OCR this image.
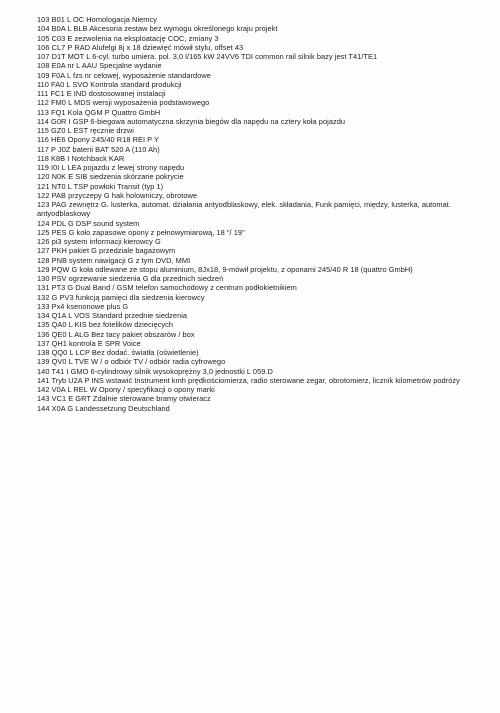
103 B01 L OC Homologacja Niemcy
104 B0A L BLB Akcesoria zestaw bez wymogu określonego kraju projekt
105 C03 E zezwolenia na eksploatację COC, zmiany 3
106 CL7 P RAD Alufelgi 8j x 18 dziewięć mówił stylu, offset 43
107 D1T MOT L 6-cyl. turbo umiera. pol. 3,0 l/165 kW 24VV6 TDI common rail silnik bazy jest T41/TE1
108 E0A nr L AAU Specjalne wydanie
109 F0A L fzs nr celowej, wyposażenie standardowe
110 FA0 L SVO Kontrola standard produkcji
111 FC1 E IND dostosowanej instalacji
112 FM0 L MDS wersji wyposażenia podstawowego
113 FQ1 Kola QGM P Quattro GmbH
114 G0R I GSP 6-biegowa automatyczna skrzynia biegów dla napędu na cztery koła pojazdu
115 GZ0 L EST ręcznie drzwi
116 HE6 Opony 245/40 R18 REI P Y
117 P J0Z baterii BAT 520 A (110 Ah)
118 K8B I Notchback KAR
119 I0I L LEA pojazdu z lewej strony napędu
120 N0K E SIB siedzenia skórzane pokrycie
121 NT0 L TSP powłoki Transit (typ 1)
122 PAB przyczepy G hak holowniczy, obrotowe
123 PAG zewnętrz G. lusterka, automat. działania antyodblaskowy, elek. składania, Funk pamięci, między, lusterka, automat. antyodblaskowy
124 PDL G DSP sound system
125 PES G koło zapasowe opony z pełnowymiarową, 18 "/ 19"
126 pi3 system informacji kierowcy G
127 PKH pakiet G przedziale bagażowym
128 PNB system nawigacji G z tym DVD, MMI
129 PQW G koła odlewane ze stopu aluminium, 8Jx18, 9-mówił projektu, z oponami 245/40 R 18 (quattro GmbH)
130 PSV ogrzewanie siedzenia G dla przednich siedzeń
131 PT3 G Dual Band / GSM telefon samochodowy z centrum podłokietnikiem
132 G PV3 funkcją pamięci dla siedzenia kierowcy
133 Px4 ksenonowe plus G
134 Q1A L VOS Standard przednie siedzenia
135 QA0 L KIS bez fotelików dziecięcych
136 QE0 L ALG Bez tacy pakiet obszarów / box
137 QH1 kontrola E SPR Voice
138 QQ0 L LCP Bez dodać. światła (oświetlenie)
139 QV0 L TVE W / o odbiór TV / odbiór radia cyfrowego
140 T41 I GMO 6-cylindrowy silnik wysokoprężny 3,0 jednostki L 059.D
141 Tryb U2A P INS wstawić Instrument kmh prędkościomierza, radio sterowane zegar, obrotomierz, licznik kilometrów podróży
142 V0A L REL W Opony / specyfikacji o opony marki
143 VC1 E GRT Zdalnie sterowane bramy otwieracz
144 X0A G Landessetzung Deutschland
